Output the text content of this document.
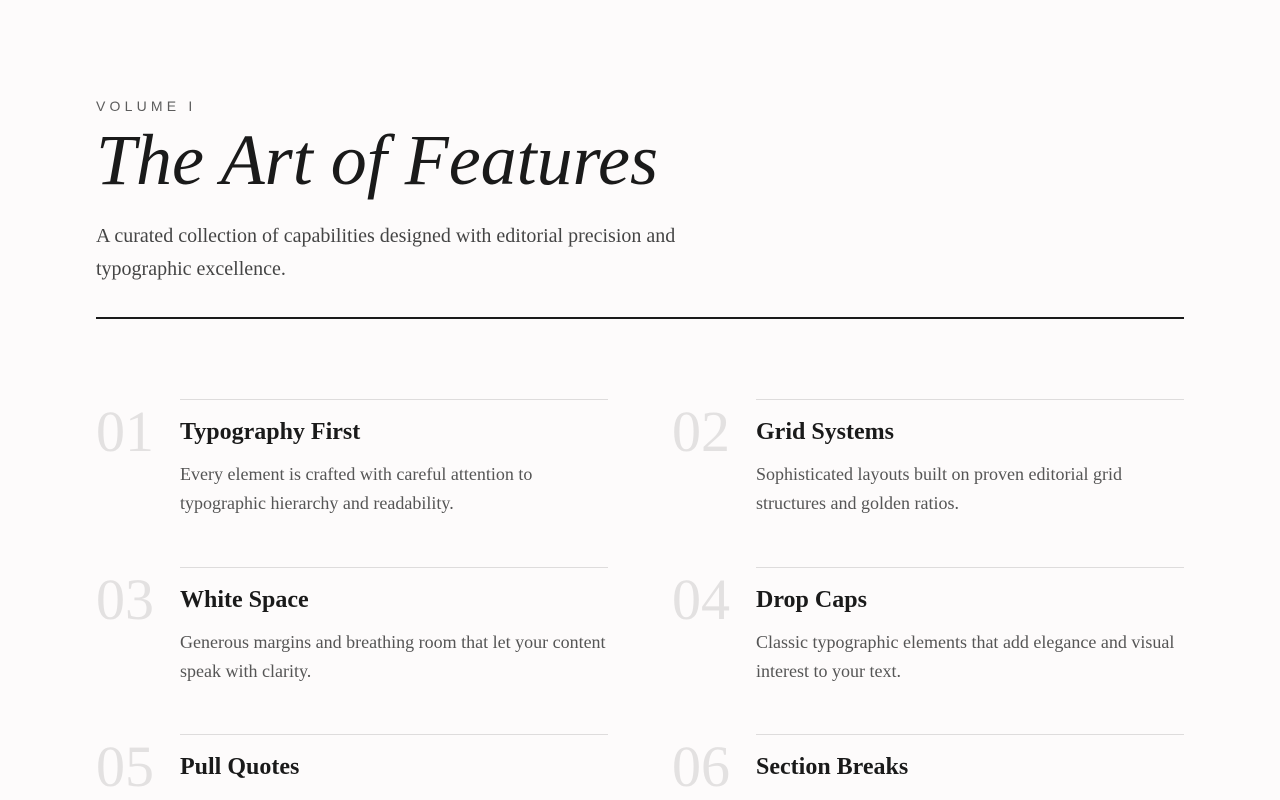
VOLUME I
The Art of Features

A curated collection of capabilities designed with editorial precision and typographic excellence.

01 Typography First

Every element is crafted with careful attention to typographic hierarchy and readability.

02 Grid Systems

Sophisticated layouts built on proven editorial grid structures and golden ratios.

03 White Space

Generous margins and breathing room that let your content speak with clarity.

04 Drop Caps

Classic typographic elements that add elegance and visual interest to your text.

05 Pull Quotes	06 Section Breaks
